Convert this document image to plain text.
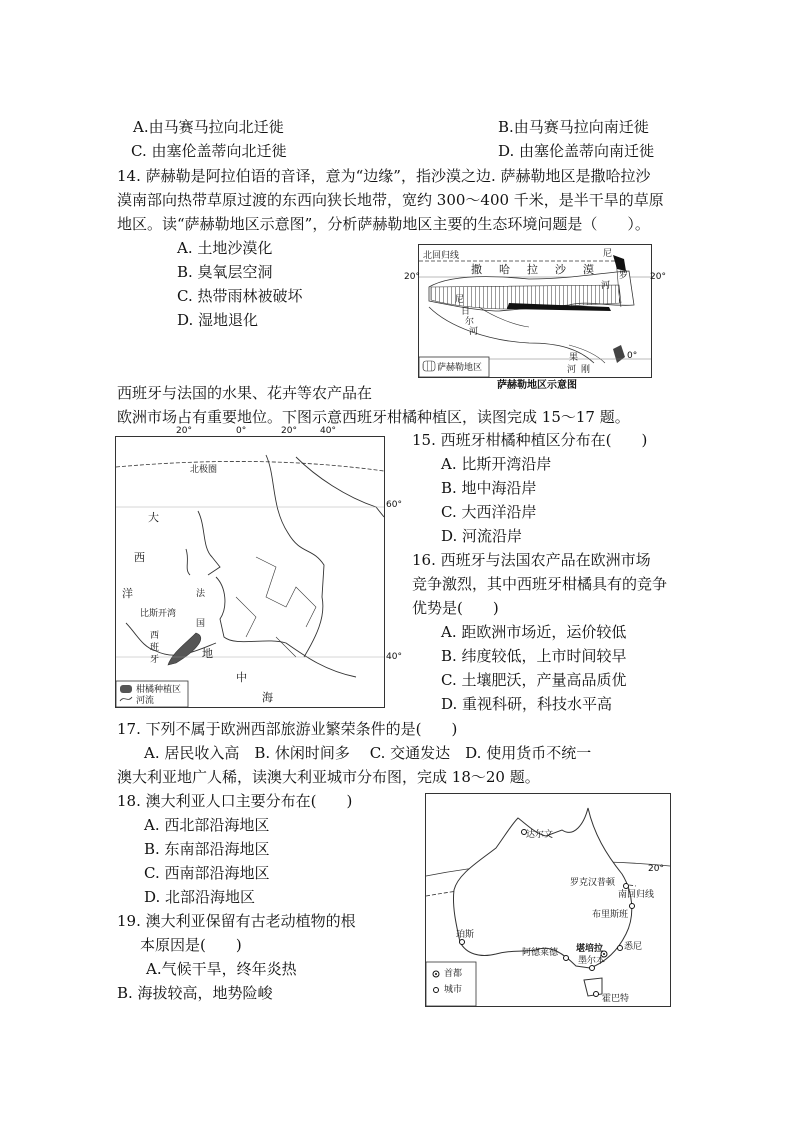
A.由马赛马拉向北迁徙	B.由马赛马拉向南迁徙
C. 由塞伦盖蒂向北迁徙	D. 由塞伦盖蒂向南迁徙
14. 萨赫勒是阿拉伯语的音译，意为“边缘”，指沙漠之边. 萨赫勒地区是撒哈拉沙
漠南部向热带草原过渡的东西向狭长地带，宽约 300～400 千米，是半干旱的草原
地区。读“萨赫勒地区示意图”，分析萨赫勒地区主要的生态环境问题是（　　）。
A. 土地沙漠化
B. 臭氧层空洞
C. 热带雨林被破坏
D. 湿地退化
北回归线
撒 哈 拉 沙 漠
尼
罗
河
尼
日
尔
河
果
河 刚
0°
萨赫勒地区
20°	20°
萨赫勒地区示意图
西班牙与法国的水果、花卉等农产品在
欧洲市场占有重要地位。下图示意西班牙柑橘种植区，读图完成 15～17 题。
20°	0°	20°	40°
北极圈
大
西
洋
比斯开湾
法
国
西
班
牙	地
中
海
柑橘种植区
河流
60°
40°
15. 西班牙柑橘种植区分布在(　　)
A. 比斯开湾沿岸
B. 地中海沿岸
C. 大西洋沿岸
D. 河流沿岸
16. 西班牙与法国农产品在欧洲市场
竞争激烈，其中西班牙柑橘具有的竞争
优势是(　　)
A. 距欧洲市场近，运价较低
B. 纬度较低，上市时间较早
C. 土壤肥沃，产量高品质优
D. 重视科研，科技水平高
17. 下列不属于欧洲西部旅游业繁荣条件的是(　　)
A. 居民收入高　B. 休闲时间多　 C. 交通发达　D. 使用货币不统一
澳大利亚地广人稀，读澳大利亚城市分布图，完成 18～20 题。
18. 澳大利亚人口主要分布在(　　)
A. 西北部沿海地区
B. 东南部沿海地区
C. 西南部沿海地区
D. 北部沿海地区
19. 澳大利亚保留有古老动植物的根
本原因是(　　)
A.气候干旱，终年炎热
B. 海拔较高，地势险峻
达尔文
20°
南回归线
罗克汉普顿
布里斯班
珀斯
阿德莱德 堪培拉 悉尼
墨尔本
霍巴特
首都
城市
